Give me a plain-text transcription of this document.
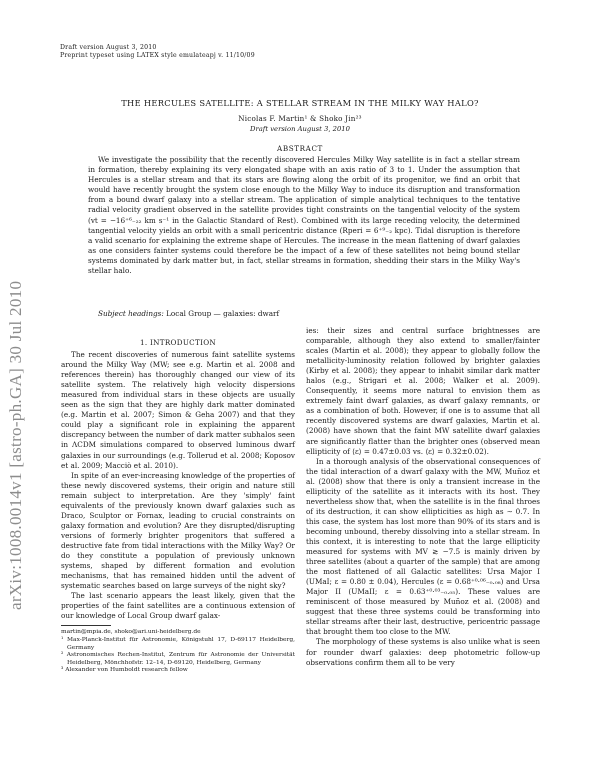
Draft version August 3, 2010
Preprint typeset using LATEX style emulateapj v. 11/10/09
arXiv:1008.0014v1 [astro-ph.GA] 30 Jul 2010
THE HERCULES SATELLITE: A STELLAR STREAM IN THE MILKY WAY HALO?
Nicolas F. Martin¹ & Shoko Jin²³
Draft version August 3, 2010
ABSTRACT
We investigate the possibility that the recently discovered Hercules Milky Way satellite is in fact a stellar stream in formation, thereby explaining its very elongated shape with an axis ratio of 3 to 1. Under the assumption that Hercules is a stellar stream and that its stars are flowing along the orbit of its progenitor, we find an orbit that would have recently brought the system close enough to the Milky Way to induce its disruption and transformation from a bound dwarf galaxy into a stellar stream. The application of simple analytical techniques to the tentative radial velocity gradient observed in the satellite provides tight constraints on the tangential velocity of the system (vt = −16⁺⁶₋₂₂ km s⁻¹ in the Galactic Standard of Rest). Combined with its large receding velocity, the determined tangential velocity yields an orbit with a small pericentric distance (Rperi = 6⁺⁹₋₂ kpc). Tidal disruption is therefore a valid scenario for explaining the extreme shape of Hercules. The increase in the mean flattening of dwarf galaxies as one considers fainter systems could therefore be the impact of a few of these satellites not being bound stellar systems dominated by dark matter but, in fact, stellar streams in formation, shedding their stars in the Milky Way's stellar halo.
Subject headings: Local Group — galaxies: dwarf
1. INTRODUCTION

The recent discoveries of numerous faint satellite systems around the Milky Way (MW; see e.g. Martin et al. 2008 and references therein) has thoroughly changed our view of its satellite system. The relatively high velocity dispersions measured from individual stars in these objects are usually seen as the sign that they are highly dark matter dominated (e.g. Martin et al. 2007; Simon & Geha 2007) and that they could play a significant role in explaining the apparent discrepancy between the number of dark matter subhalos seen in ΛCDM simulations compared to observed luminous dwarf galaxies in our surroundings (e.g. Tollerud et al. 2008; Koposov et al. 2009; Macciò et al. 2010).

In spite of an ever-increasing knowledge of the properties of these newly discovered systems, their origin and nature still remain subject to interpretation. Are they 'simply' faint equivalents of the previously known dwarf galaxies such as Draco, Sculptor or Fornax, leading to crucial constraints on galaxy formation and evolution? Are they disrupted/disrupting versions of formerly brighter progenitors that suffered a destructive fate from tidal interactions with the Milky Way? Or do they constitute a population of previously unknown systems, shaped by different formation and evolution mechanisms, that has remained hidden until the advent of systematic searches based on large surveys of the night sky?

The last scenario appears the least likely, given that the properties of the faint satellites are a continuous extension of our knowledge of Local Group dwarf galax-

martin@mpia.de, shoko@ari.uni-heidelberg.de

¹ Max-Planck-Institut für Astronomie, Königstuhl 17, D-69117 Heidelberg, Germany

² Astronomisches Rechen-Institut, Zentrum für Astronomie der Universität Heidelberg, Mönchhofstr. 12–14, D-69120, Heidelberg, Germany

³ Alexander von Humboldt research fellow

ies: their sizes and central surface brightnesses are comparable, although they also extend to smaller/fainter scales (Martin et al. 2008); they appear to globally follow the metallicity-luminosity relation followed by brighter galaxies (Kirby et al. 2008); they appear to inhabit similar dark matter halos (e.g., Strigari et al. 2008; Walker et al. 2009). Consequently, it seems more natural to envision them as extremely faint dwarf galaxies, as dwarf galaxy remnants, or as a combination of both. However, if one is to assume that all recently discovered systems are dwarf galaxies, Martin et al. (2008) have shown that the faint MW satellite dwarf galaxies are significantly flatter than the brighter ones (observed mean ellipticity of ⟨ε⟩ = 0.47±0.03 vs. ⟨ε⟩ = 0.32±0.02).

In a thorough analysis of the observational consequences of the tidal interaction of a dwarf galaxy with the MW, Muñoz et al. (2008) show that there is only a transient increase in the ellipticity of the satellite as it interacts with its host. They nevertheless show that, when the satellite is in the final throes of its destruction, it can show ellipticities as high as ∼ 0.7. In this case, the system has lost more than 90% of its stars and is becoming unbound, thereby dissolving into a stellar stream. In this context, it is interesting to note that the large ellipticity measured for systems with MV ≳ −7.5 is mainly driven by three satellites (about a quarter of the sample) that are among the most flattened of all Galactic satellites: Ursa Major I (UMaI; ε = 0.80 ± 0.04), Hercules (ε = 0.68⁺⁰·⁰⁶₋₀.₀₈) and Ursa Major II (UMaII; ε = 0.63⁺⁰·⁰³₋₀.₀₅). These values are reminiscent of those measured by Muñoz et al. (2008) and suggest that these three systems could be transforming into stellar streams after their last, destructive, pericentric passage that brought them too close to the MW.

The morphology of these systems is also unlike what is seen for rounder dwarf galaxies: deep photometric follow-up observations confirm them all to be very
